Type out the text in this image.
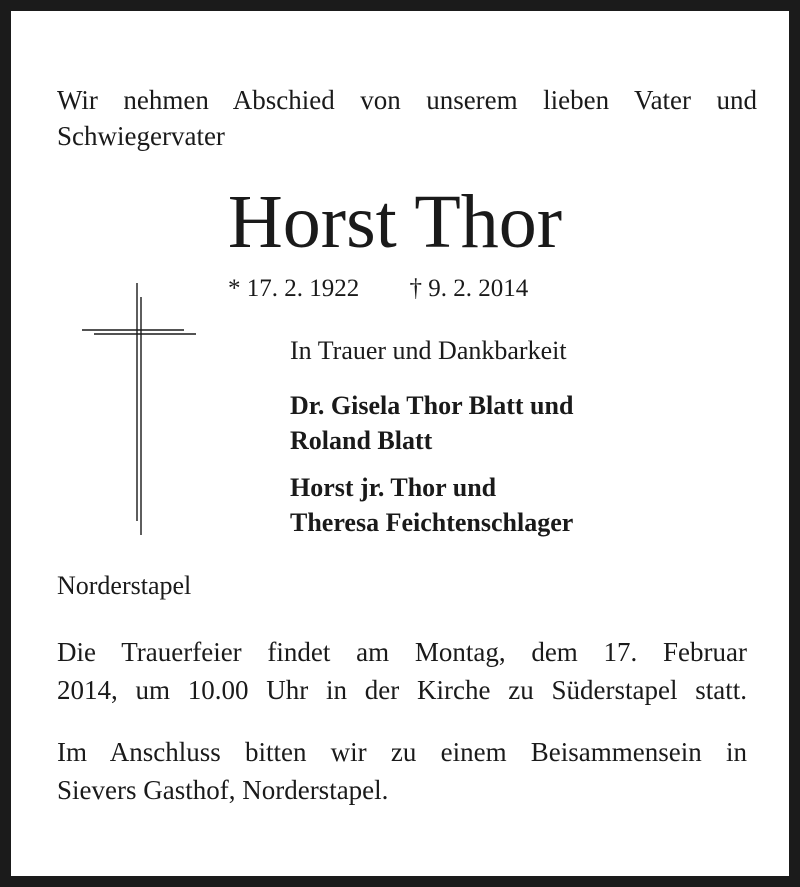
Wir nehmen Abschied von unserem lieben Vater und
Schwiegervater
Horst Thor
* 17. 2. 1922 † 9. 2. 2014
In Trauer und Dankbarkeit
Dr. Gisela Thor Blatt und
Roland Blatt
Horst jr. Thor und
Theresa Feichtenschlager
Norderstapel
Die Trauerfeier findet am Montag, dem 17. Februar
2014, um 10.00 Uhr in der Kirche zu Süderstapel statt.
Im Anschluss bitten wir zu einem Beisammensein in
Sievers Gasthof, Norderstapel.
